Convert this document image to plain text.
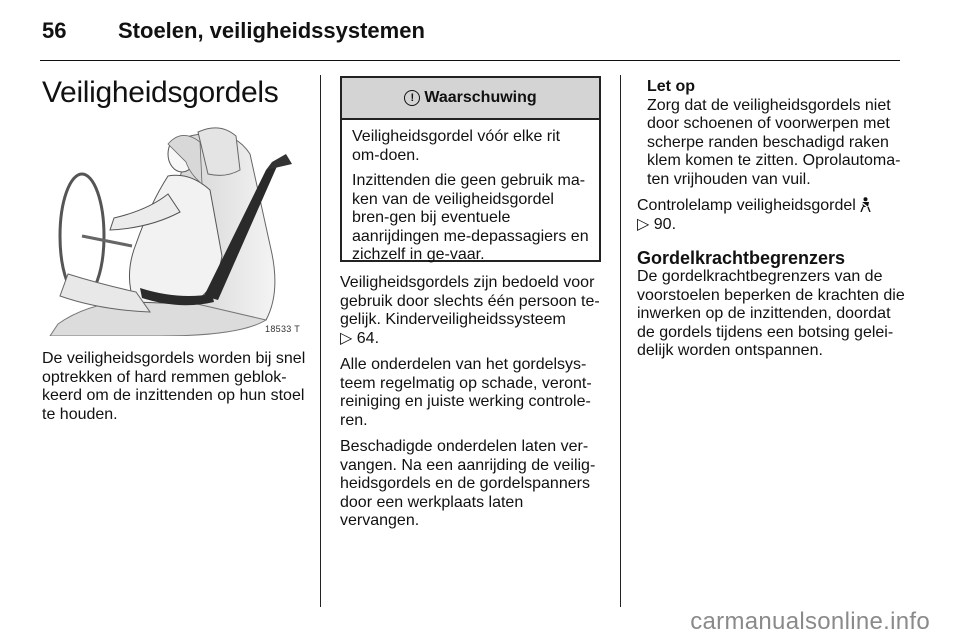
56 Stoelen, veiligheidssystemen
Veiligheidsgordels
18533 T

De veiligheidsgordels worden bij snel optrekken of hard remmen geblok-keerd om de inzittenden op hun stoel te houden.

! Waarschuwing

Veiligheidsgordel vóór elke rit om-doen.

Inzittenden die geen gebruik ma-ken van de veiligheidsgordel bren-gen bij eventuele aanrijdingen me-depassagiers en zichzelf in ge-vaar.

Veiligheidsgordels zijn bedoeld voor gebruik door slechts één persoon te-gelijk. Kinderveiligheidssysteem
▷ 64.

Alle onderdelen van het gordelsys-teem regelmatig op schade, veront-reiniging en juiste werking controle-ren.

Beschadigde onderdelen laten ver-vangen. Na een aanrijding de veilig-heidsgordels en de gordelspanners door een werkplaats laten vervangen.

Let op
Zorg dat de veiligheidsgordels niet door schoenen of voorwerpen met scherpe randen beschadigd raken klem komen te zitten. Oprolautoma-ten vrijhouden van vuil.

Controlelamp veiligheidsgordel
▷ 90.

Gordelkrachtbegrenzers

De gordelkrachtbegrenzers van de voorstoelen beperken de krachten die inwerken op de inzittenden, doordat de gordels tijdens een botsing gelei-delijk worden ontspannen.

carmanualsonline.info
